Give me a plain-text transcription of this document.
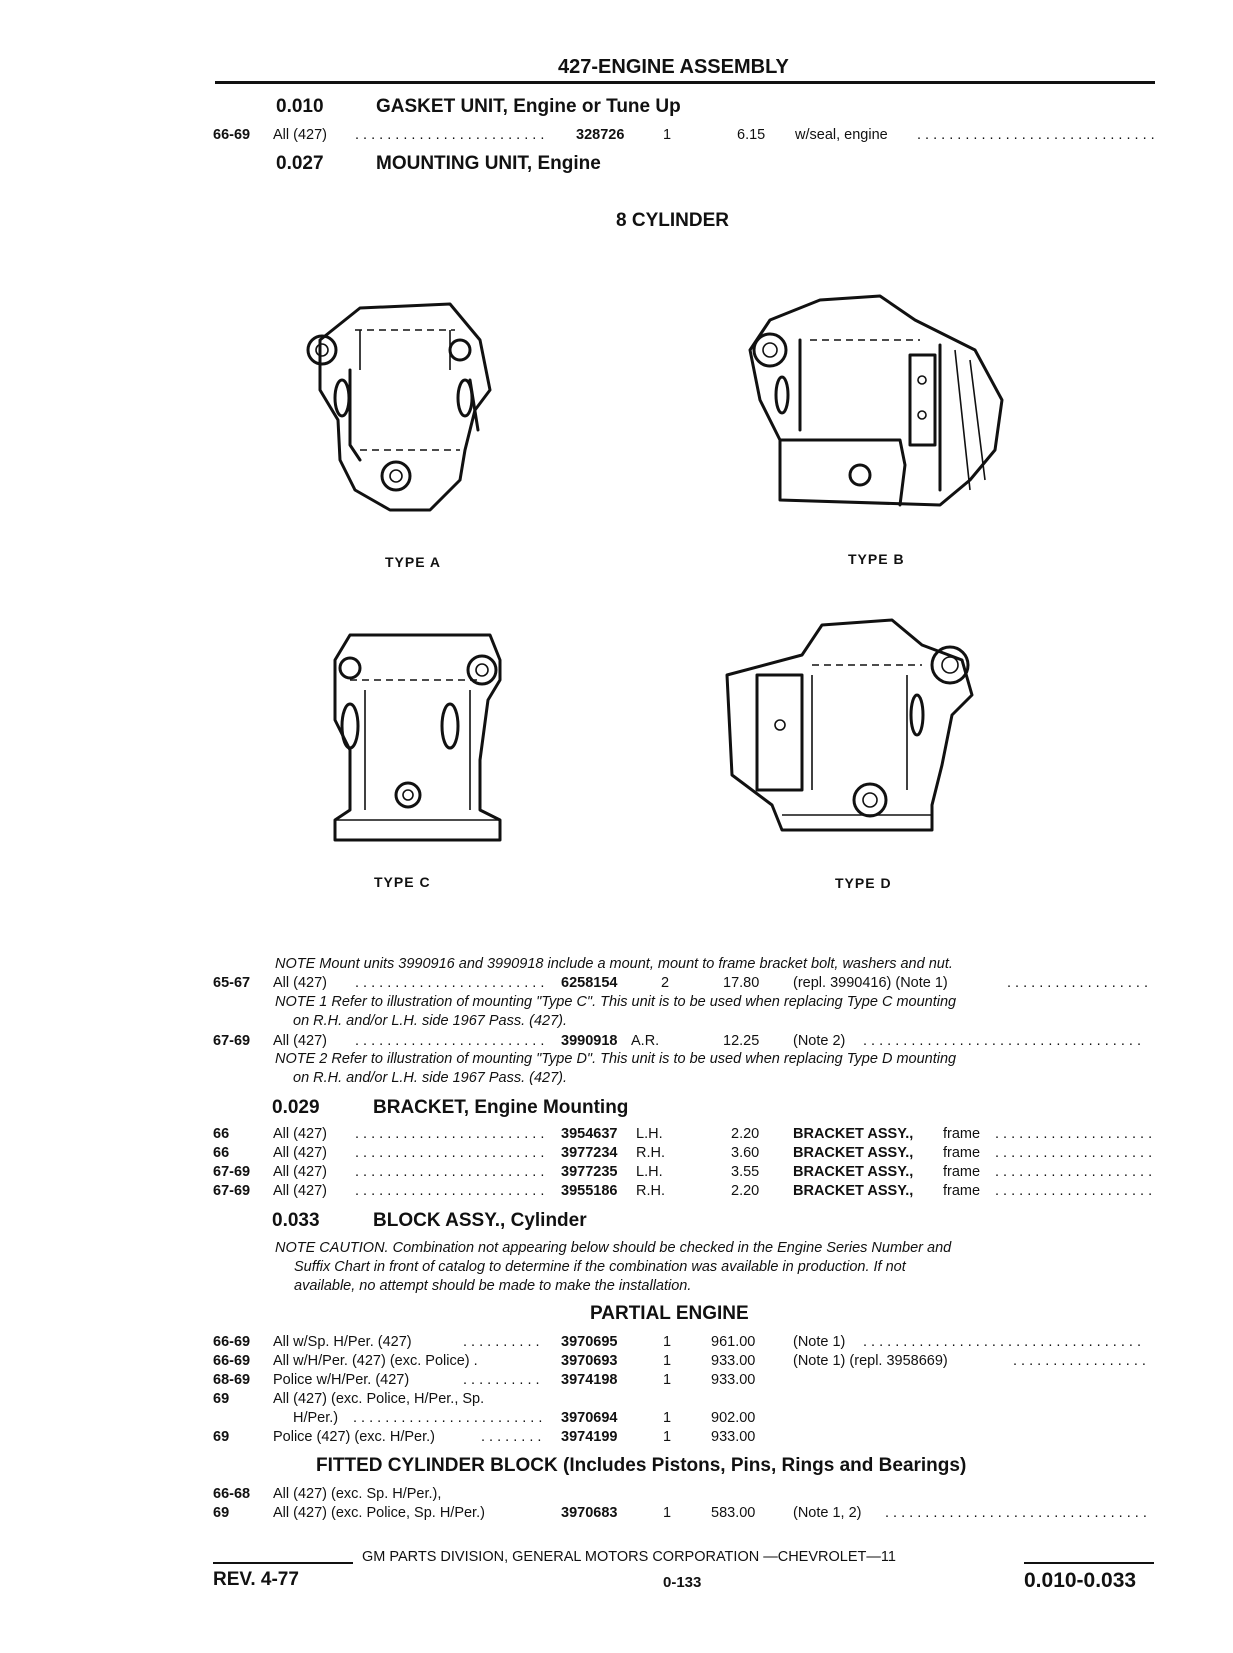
427-ENGINE ASSEMBLY
0.010	GASKET UNIT, Engine or Tune Up
66-69 All (427) . . . . . . . . . . . . . . . . . . . . . . . . 328726	1	6.15 w/seal, engine . . . . . . . . . . . . . . . . . . . . . . . . . . . . . .
0.027	MOUNTING UNIT, Engine
8 CYLINDER
TYPE A	TYPE B
TYPE C	TYPE D
NOTE Mount units 3990916 and 3990918 include a mount, mount to frame bracket bolt, washers and nut.
65-67 All (427) . . . . . . . . . . . . . . . . . . . . . . . . 6258154	2	17.80 (repl. 3990416) (Note 1)	. . . . . . . . . . . . . . . . . .
NOTE 1 Refer to illustration of mounting "Type C". This unit is to be used when replacing Type C mounting
on R.H. and/or L.H. side 1967 Pass. (427).
67-69 All (427) . . . . . . . . . . . . . . . . . . . . . . . . 3990918 A.R.	12.25 (Note 2) . . . . . . . . . . . . . . . . . . . . . . . . . . . . . . . . . . .
NOTE 2 Refer to illustration of mounting "Type D". This unit is to be used when replacing Type D mounting
on R.H. and/or L.H. side 1967 Pass. (427).
0.029	BRACKET, Engine Mounting
66	All (427) . . . . . . . . . . . . . . . . . . . . . . . . 3954637 L.H.	2.20 BRACKET ASSY., frame . . . . . . . . . . . . . . . . . . . .
66	All (427) . . . . . . . . . . . . . . . . . . . . . . . . 3977234 R.H.	3.60 BRACKET ASSY., frame . . . . . . . . . . . . . . . . . . . .
67-69 All (427) . . . . . . . . . . . . . . . . . . . . . . . . 3977235 L.H.	3.55 BRACKET ASSY., frame . . . . . . . . . . . . . . . . . . . .
67-69 All (427) . . . . . . . . . . . . . . . . . . . . . . . . 3955186 R.H.	2.20 BRACKET ASSY., frame . . . . . . . . . . . . . . . . . . . .
0.033	BLOCK ASSY., Cylinder
NOTE CAUTION. Combination not appearing below should be checked in the Engine Series Number and
Suffix Chart in front of catalog to determine if the combination was available in production. If not
available, no attempt should be made to make the installation.
PARTIAL ENGINE
66-69 All w/Sp. H/Per. (427)	. . . . . . . . . .	3970695	1	961.00	(Note 1) . . . . . . . . . . . . . . . . . . . . . . . . . . . . . . . . . . .
66-69 All w/H/Per. (427) (exc. Police) .	3970693	1	933.00	(Note 1) (repl. 3958669)	. . . . . . . . . . . . . . . . .
68-69 Police w/H/Per. (427)	. . . . . . . . . .	3974198	1	933.00
69	All (427) (exc. Police, H/Per., Sp.
H/Per.) . . . . . . . . . . . . . . . . . . . . . . . . 3970694	1	902.00
69	Police (427) (exc. H/Per.)	. . . . . . . . 3974199	1	933.00
FITTED CYLINDER BLOCK (Includes Pistons, Pins, Rings and Bearings)
66-68 All (427) (exc. Sp. H/Per.),
69	All (427) (exc. Police, Sp. H/Per.)	3970683	1	583.00	(Note 1, 2) . . . . . . . . . . . . . . . . . . . . . . . . . . . . . . . . .
GM PARTS DIVISION, GENERAL MOTORS CORPORATION —CHEVROLET—11
REV. 4-77	0-133	0.010-0.033
